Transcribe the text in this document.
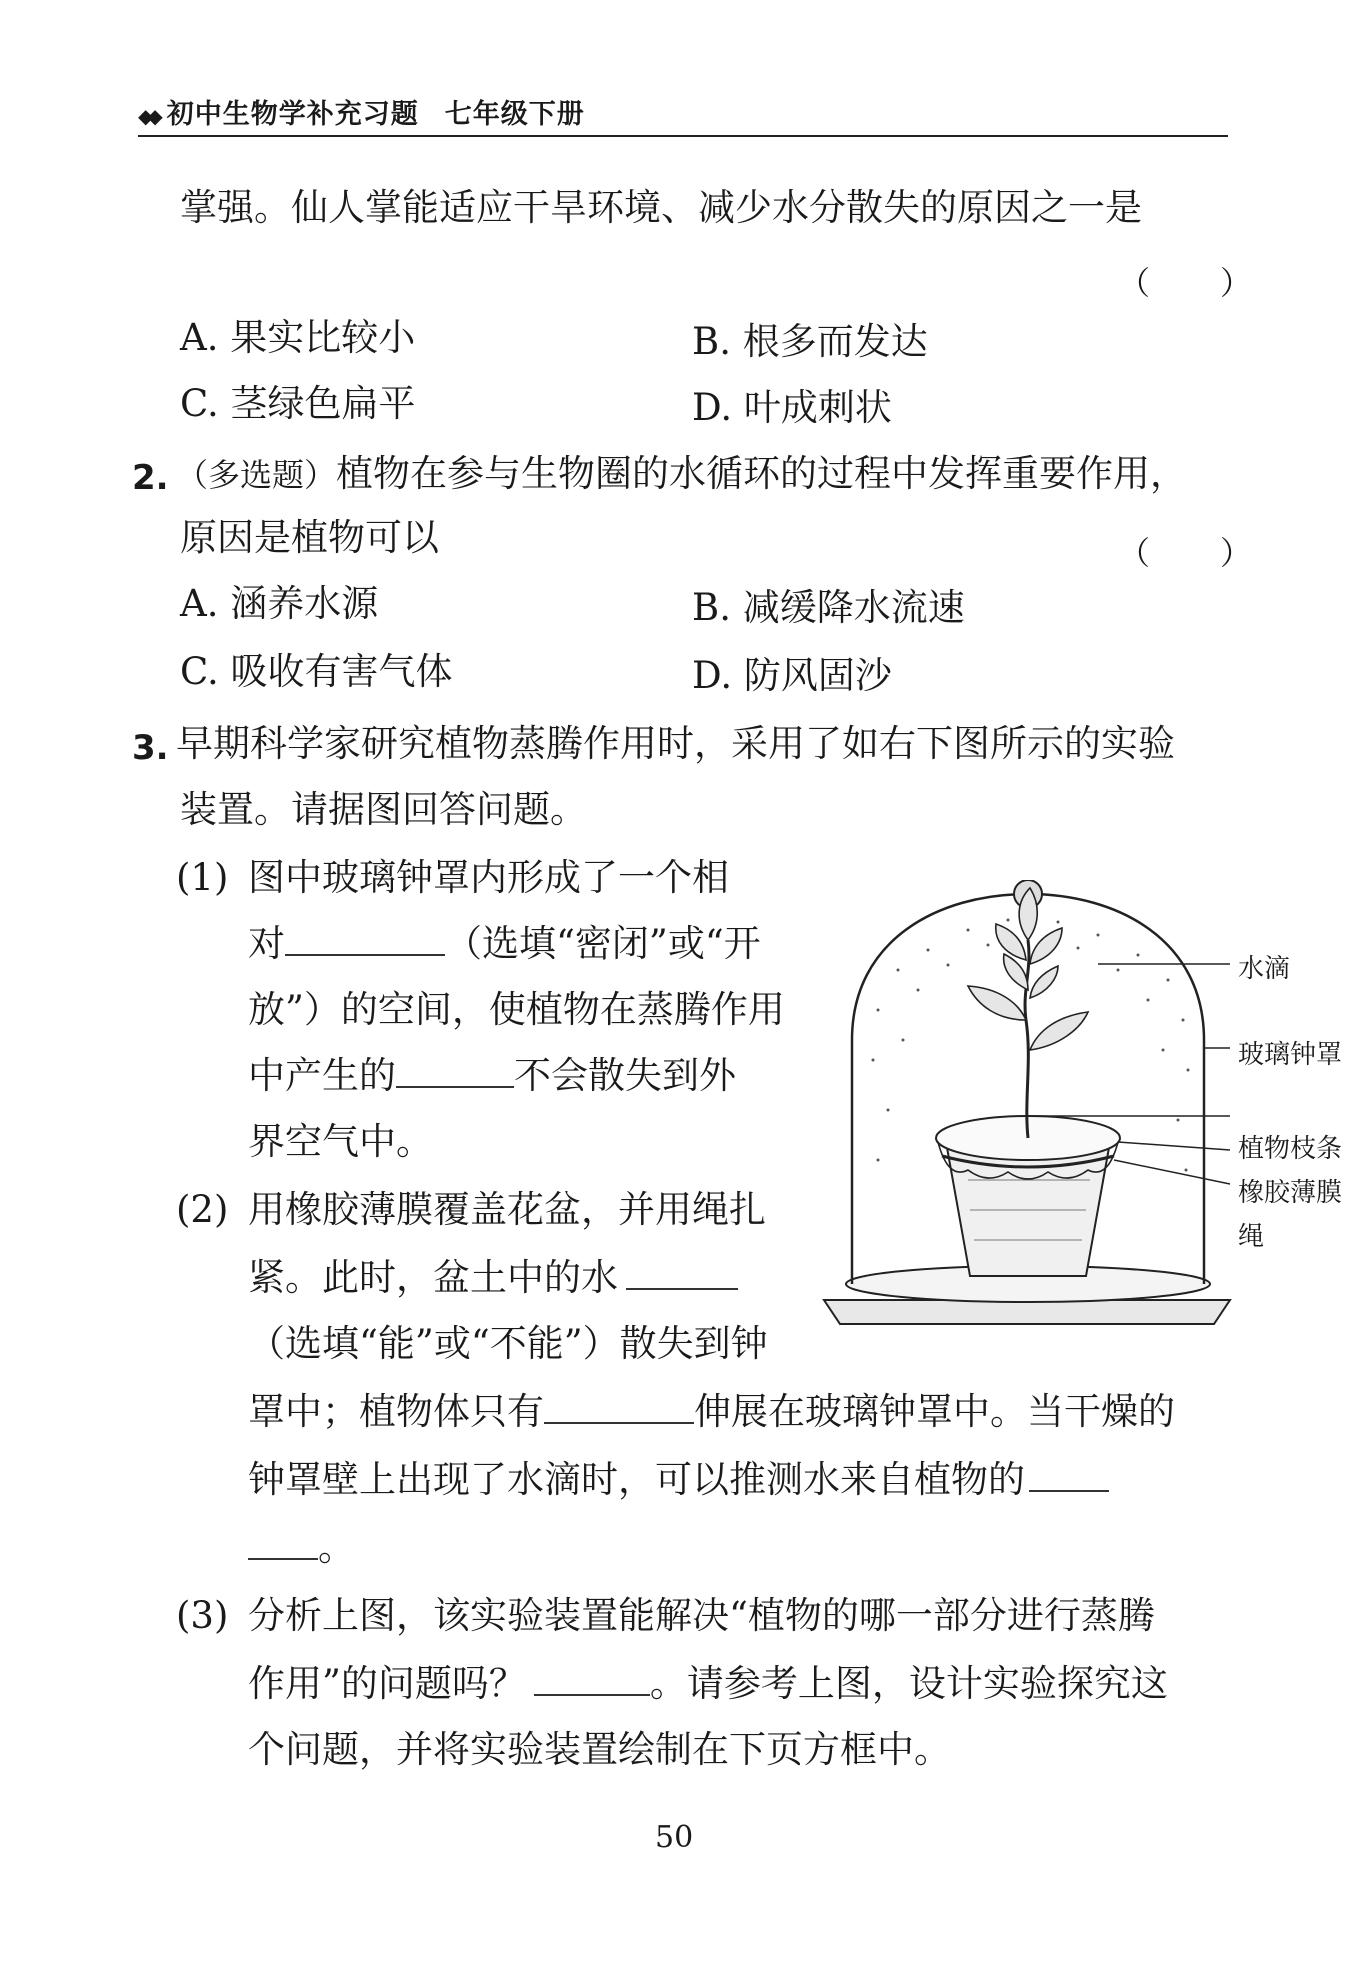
◆◆ 初中生物学补充习题 七年级下册
掌强。仙人掌能适应干旱环境、减少水分散失的原因之一是
（　　）
A. 果实比较小	B. 根多而发达
C. 茎绿色扁平	D. 叶成刺状
2. （多选题）植物在参与生物圈的水循环的过程中发挥重要作用，
原因是植物可以	（　　）
A. 涵养水源	B. 减缓降水流速
C. 吸收有害气体	D. 防风固沙
3. 早期科学家研究植物蒸腾作用时，采用了如右下图所示的实验
装置。请据图回答问题。
(1) 图中玻璃钟罩内形成了一个相
对	（选填“密闭”或“开
放”）的空间，使植物在蒸腾作用
中产生的	不会散失到外
界空气中。
(2) 用橡胶薄膜覆盖花盆，并用绳扎
紧。此时，盆土中的水
（选填“能”或“不能”）散失到钟
罩中；植物体只有	伸展在玻璃钟罩中。当干燥的
钟罩壁上出现了水滴时，可以推测水来自植物的
。
(3) 分析上图，该实验装置能解决“植物的哪一部分进行蒸腾
作用”的问题吗？	。请参考上图，设计实验探究这
个问题，并将实验装置绘制在下页方框中。
水滴
玻璃钟罩
植物枝条
橡胶薄膜
绳
50
